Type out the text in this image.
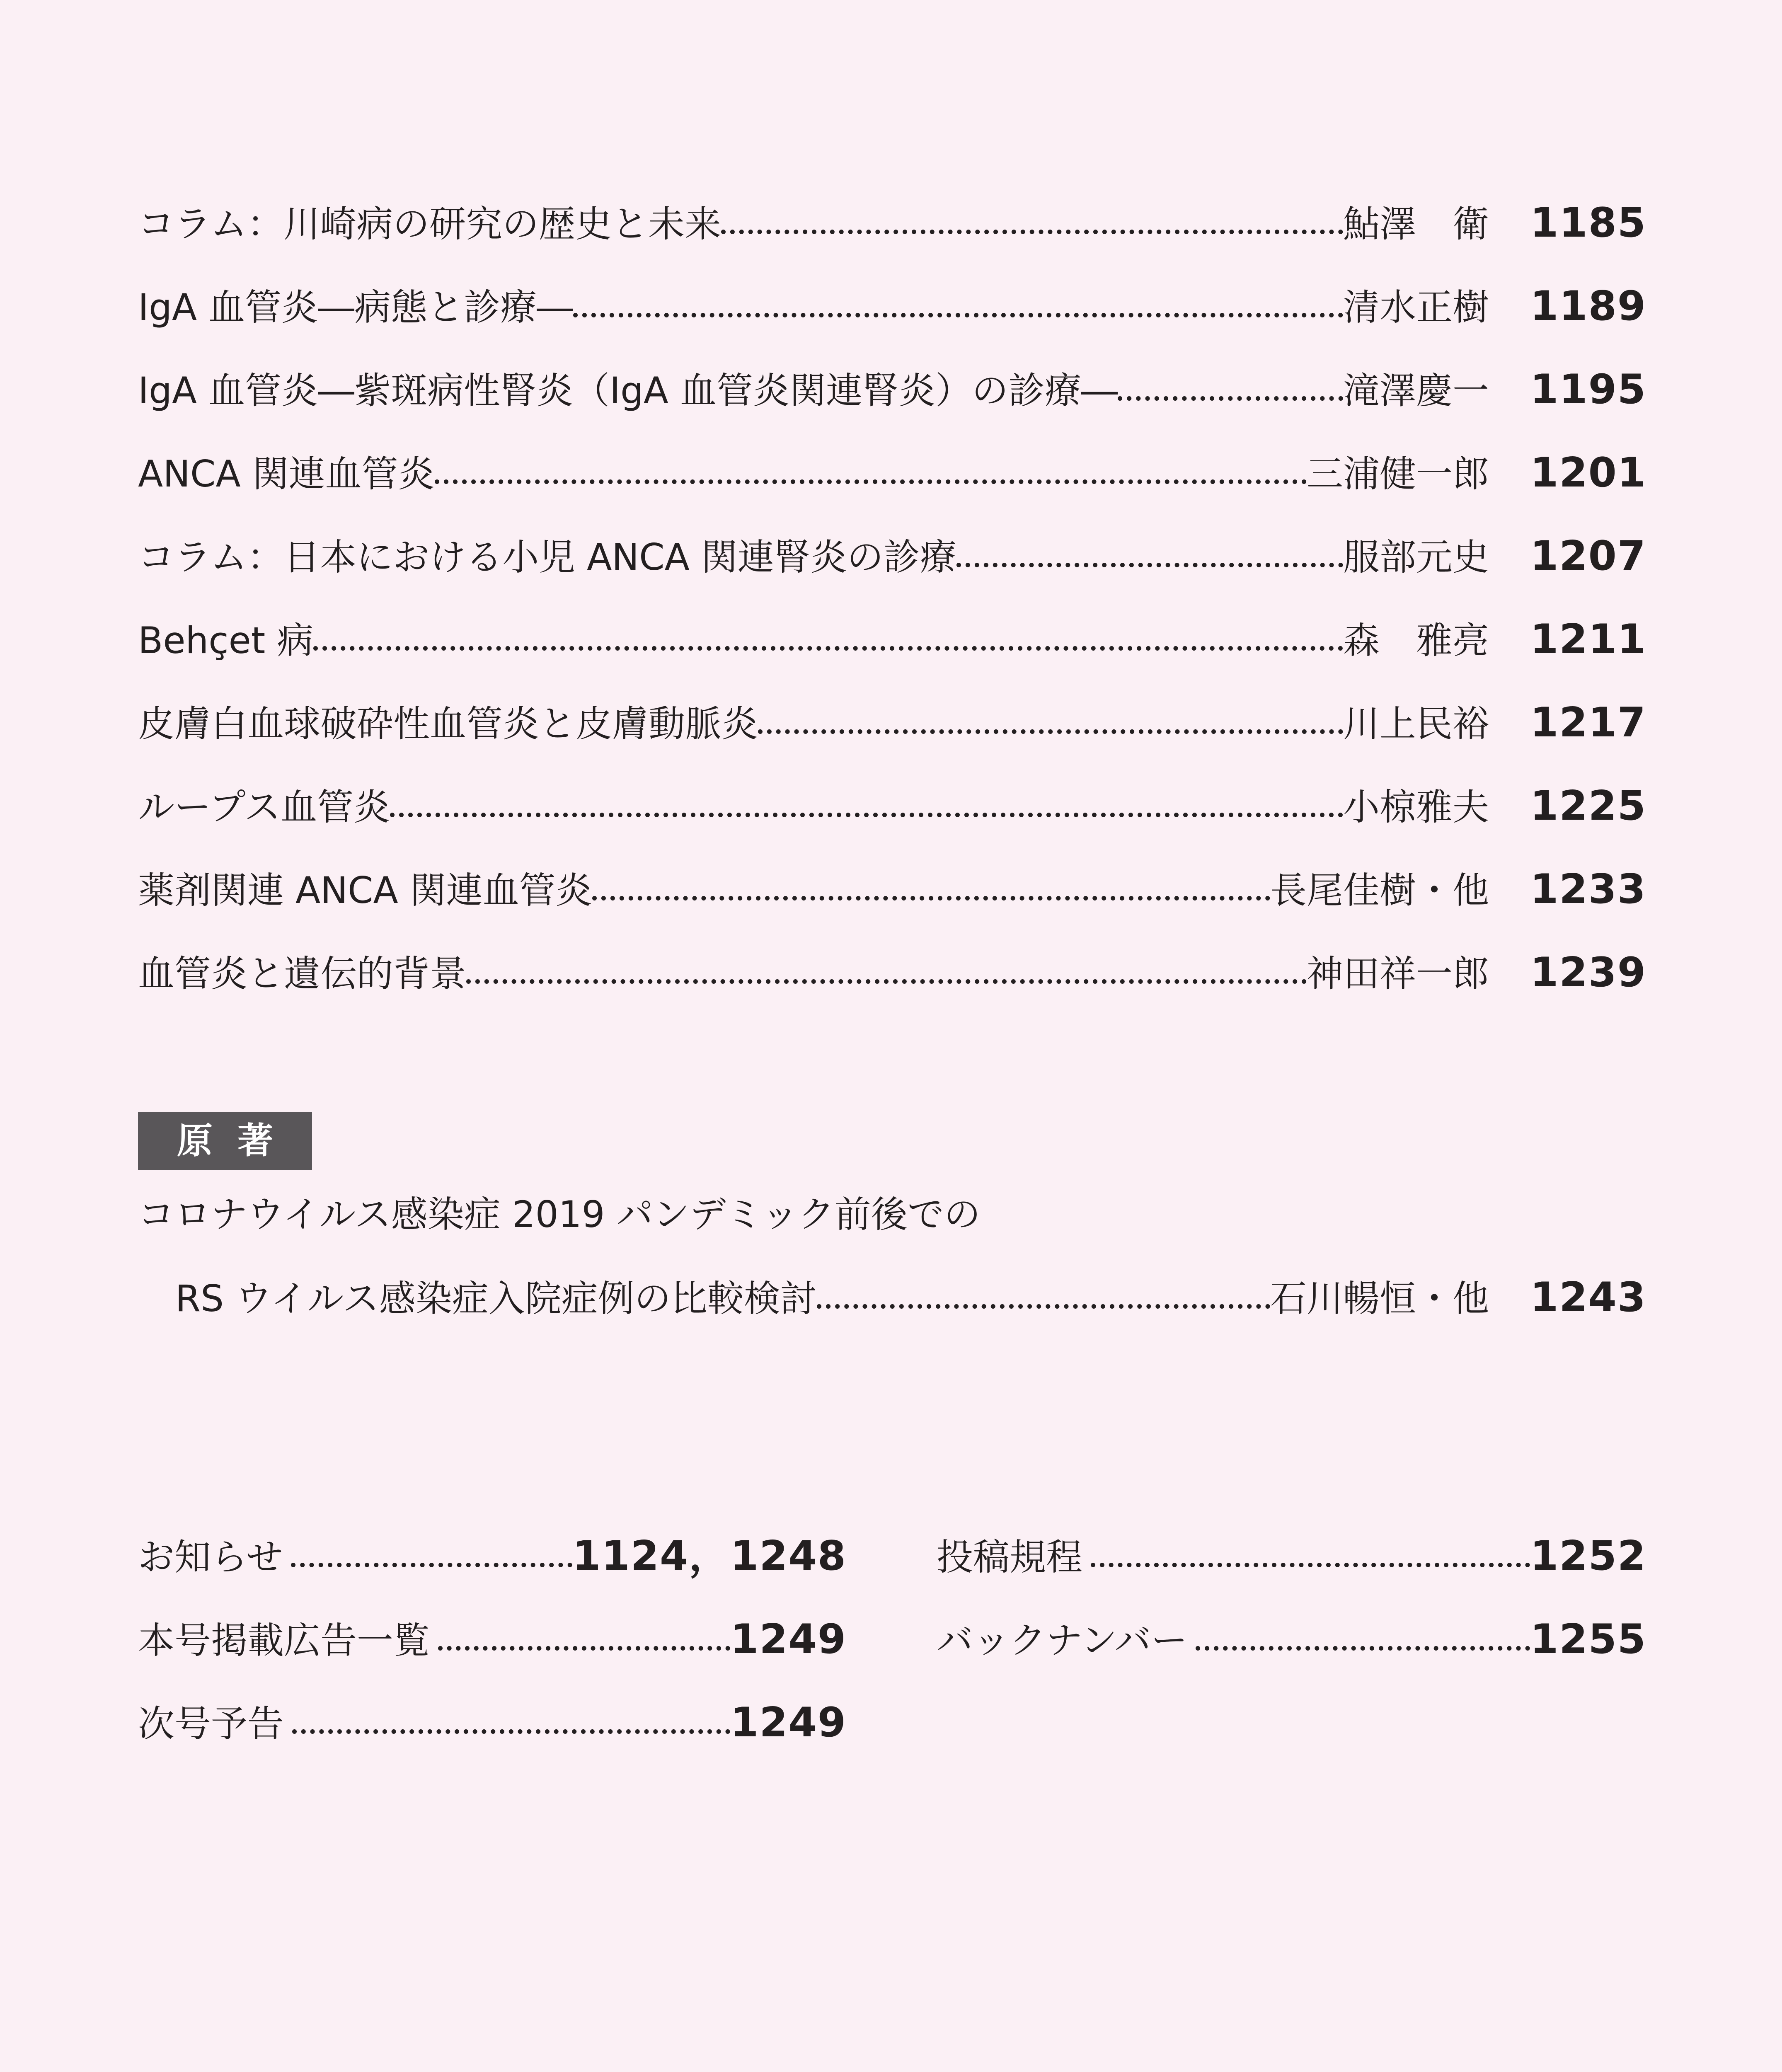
コラム：川崎病の研究の歴史と未来	鮎澤　衛	1185
IgA 血管炎―病態と診療―	清水正樹	1189
IgA 血管炎―紫斑病性腎炎（IgA 血管炎関連腎炎）の診療―	滝澤慶一	1195
ANCA 関連血管炎	三浦健一郎	1201
コラム：日本における小児 ANCA 関連腎炎の診療	服部元史	1207
Behçet 病	森　雅亮	1211
皮膚白血球破砕性血管炎と皮膚動脈炎	川上民裕	1217
ループス血管炎	小椋雅夫	1225
薬剤関連 ANCA 関連血管炎	長尾佳樹・他	1233
血管炎と遺伝的背景	神田祥一郎	1239
原著
コロナウイルス感染症 2019 パンデミック前後での
RS ウイルス感染症入院症例の比較検討	石川暢恒・他	1243
お知らせ	1124，1248
本号掲載広告一覧	1249
次号予告	1249
投稿規程	1252
バックナンバー	1255
